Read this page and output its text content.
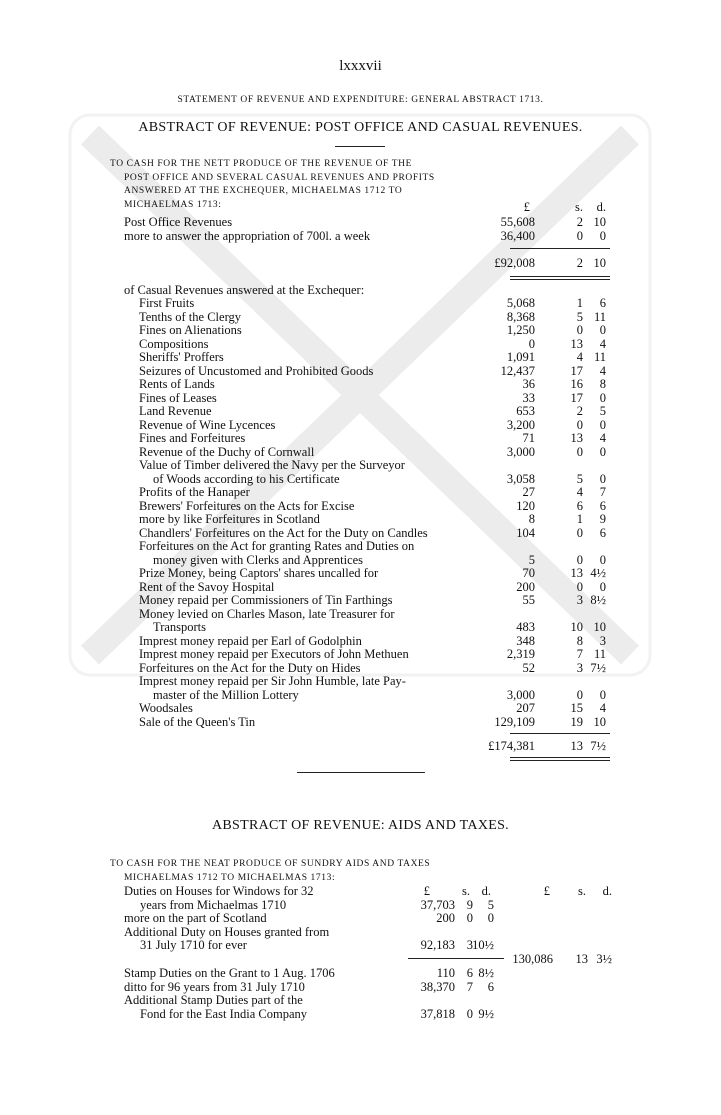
lxxxvii
STATEMENT OF REVENUE AND EXPENDITURE: GENERAL ABSTRACT 1713.
ABSTRACT OF REVENUE: POST OFFICE AND CASUAL REVENUES.
TO CASH FOR THE NETT PRODUCE OF THE REVENUE OF THE
POST OFFICE AND SEVERAL CASUAL REVENUES AND PROFITS
ANSWERED AT THE EXCHEQUER, MICHAELMAS 1712 TO
MICHAELMAS 1713:	£	s. d.
Post Office Revenues	55,608	2 10
more to answer the appropriation of 700l. a week	36,400	0 0
£92,008	2 10
of Casual Revenues answered at the Exchequer:
First Fruits	5,068	1 6
Tenths of the Clergy	8,368	5 11
Fines on Alienations	1,250	0 0
Compositions	0	13 4
Sheriffs' Proffers	1,091	4 11
Seizures of Uncustomed and Prohibited Goods	12,437	17 4
Rents of Lands	36	16 8
Fines of Leases	33	17 0
Land Revenue	653	2 5
Revenue of Wine Lycences	3,200	0 0
Fines and Forfeitures	71	13 4
Revenue of the Duchy of Cornwall	3,000	0 0
Value of Timber delivered the Navy per the Surveyor
of Woods according to his Certificate	3,058	5 0
Profits of the Hanaper	27	4 7
Brewers' Forfeitures on the Acts for Excise	120	6 6
more by like Forfeitures in Scotland	8	1 9
Chandlers' Forfeitures on the Act for the Duty on Candles	104	0 6
Forfeitures on the Act for granting Rates and Duties on
money given with Clerks and Apprentices	5	0 0
Prize Money, being Captors' shares uncalled for	70	13 4½
Rent of the Savoy Hospital	200	0 0
Money repaid per Commissioners of Tin Farthings	55	3 8½
Money levied on Charles Mason, late Treasurer for
Transports	483	10 10
Imprest money repaid per Earl of Godolphin	348	8 3
Imprest money repaid per Executors of John Methuen	2,319	7 11
Forfeitures on the Act for the Duty on Hides	52	3 7½
Imprest money repaid per Sir John Humble, late Pay-
master of the Million Lottery	3,000	0 0
Woodsales	207	15 4
Sale of the Queen's Tin	129,109	19 10
£174,381	13 7½
ABSTRACT OF REVENUE: AIDS AND TAXES.
TO CASH FOR THE NEAT PRODUCE OF SUNDRY AIDS AND TAXES
MICHAELMAS 1712 TO MICHAELMAS 1713:
£	s. d.	£ s. d.
Duties on Houses for Windows for 32
years from Michaelmas 1710	37,703 9 5
more on the part of Scotland	200 0 0
Additional Duty on Houses granted from
31 July 1710 for ever	92,183 3 10½
130,086 13 3½
Stamp Duties on the Grant to 1 Aug. 1706	110 6 8½
ditto for 96 years from 31 July 1710	38,370 7 6
Additional Stamp Duties part of the
Fond for the East India Company	37,818 0 9½
